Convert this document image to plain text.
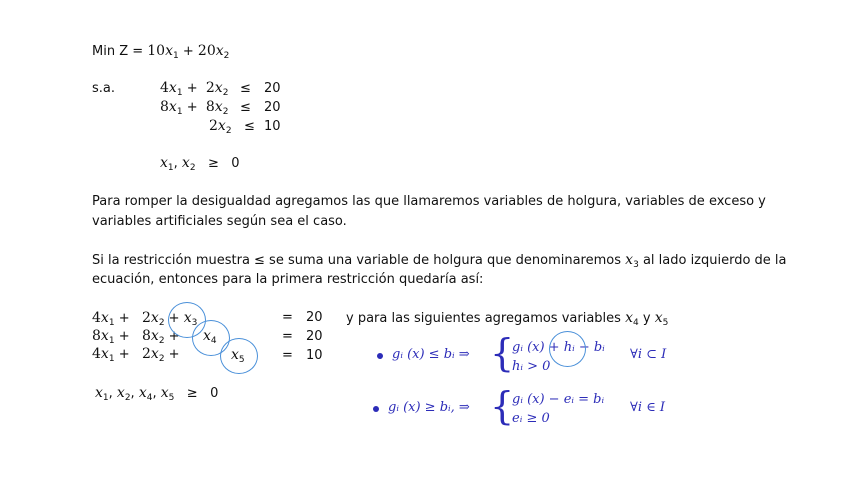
Min $Z = 10x_1 + 20x_2$
s.a.	$4x_1 + 2x_2 \le 20$
$8x_1 + 8x_2 \le 20$
$2x_2 \le 10$
$x_1$, $x_2 \ge 0$
Para romper la desigualdad agregamos las que llamaremos variables de holgura, variables de exceso y
variables artificiales según sea el caso.
Si la restricción muestra ≤ se suma una variable de holgura que denominaremos $x_3$ al lado izquierdo de la
ecuación, entonces para la primera restricción quedaría así:
$4x_1 + 2x_2 + x_3$
$8x_1 + 8x_2 + x_4$
$4x_1 + 2x_2$ +	$x_5$
= 20
= 20
= 10
$x_1$, $x_2$, $x_4$, $x_5 \ge 0$
y para las siguientes agregamos variables $x_4$ y $x_5$
gᵢ (x) ≤ bᵢ ⇒ {
gᵢ (x) + hᵢ − bᵢ
hᵢ > 0
∀i ⊂ I
gᵢ (x) ≥ bᵢ, ⇒ {
gᵢ (x) − eᵢ = bᵢ
eᵢ ≥ 0
∀i ∈ I
